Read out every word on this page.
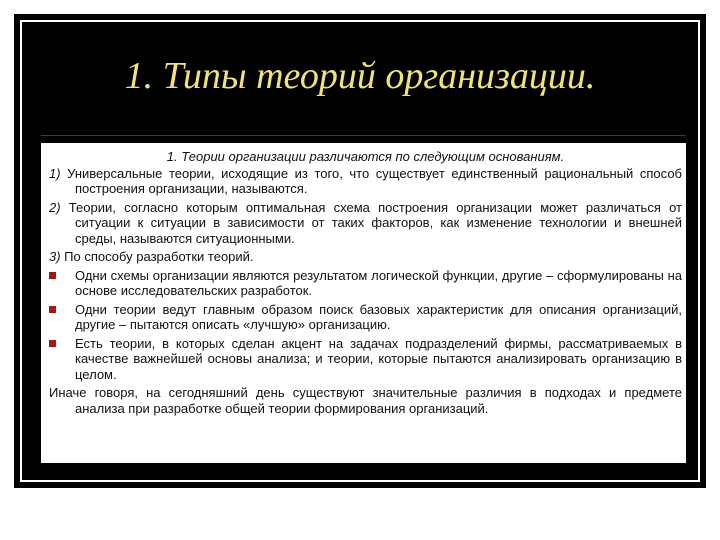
1. Типы теорий организации.

1. Теории организации различаются по следующим основаниям.

1) Универсальные теории, исходящие из того, что существует единственный рациональный способ построения организации, называются.

2) Теории, согласно которым оптимальная схема построения организации может различаться от ситуации к ситуации в зависимости от таких факторов, как изменение технологии и внешней среды, называются ситуационными.

3) По способу разработки теорий.

Одни схемы организации являются результатом логической функции, другие – сформулированы на основе исследовательских разработок.

Одни теории ведут главным образом поиск базовых характеристик для описания организаций, другие – пытаются описать «лучшую» организацию.

Есть теории, в которых сделан акцент на задачах подразделений фирмы, рассматриваемых в качестве важнейшей основы анализа; и теории, которые пытаются анализировать организацию в целом.

Иначе говоря, на сегодняшний день существуют значительные различия в подходах и предмете анализа при разработке общей теории формирования организаций.
